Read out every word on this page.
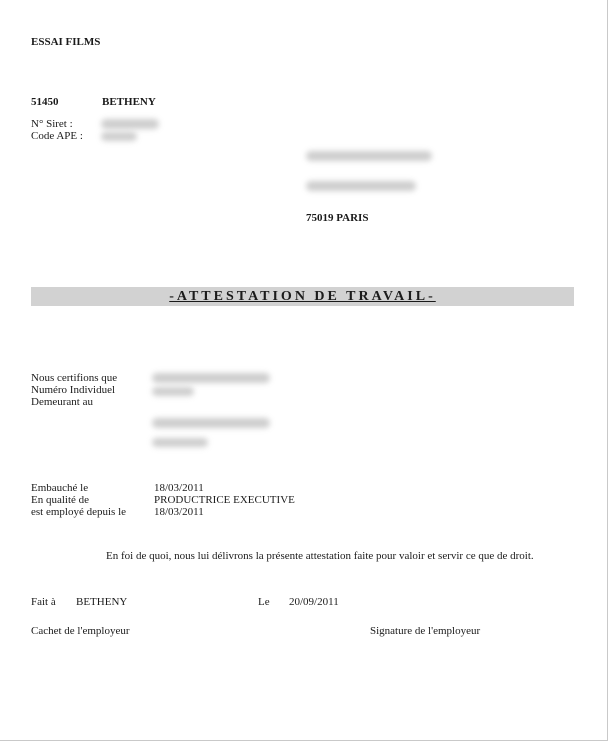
ESSAI FILMS
51450	BETHENY
N° Siret :
Code APE :
75019 PARIS
-ATTESTATION DE TRAVAIL-
Nous certifions que
Numéro Individuel
Demeurant au
Embauché le	18/03/2011
En qualité de	PRODUCTRICE EXECUTIVE
est employé depuis le	18/03/2011
En foi de quoi, nous lui délivrons la présente attestation faite pour valoir et servir ce que de droit.
Fait à BETHENY	Le 20/09/2011
Cachet de l'employeur	Signature de l'employeur
